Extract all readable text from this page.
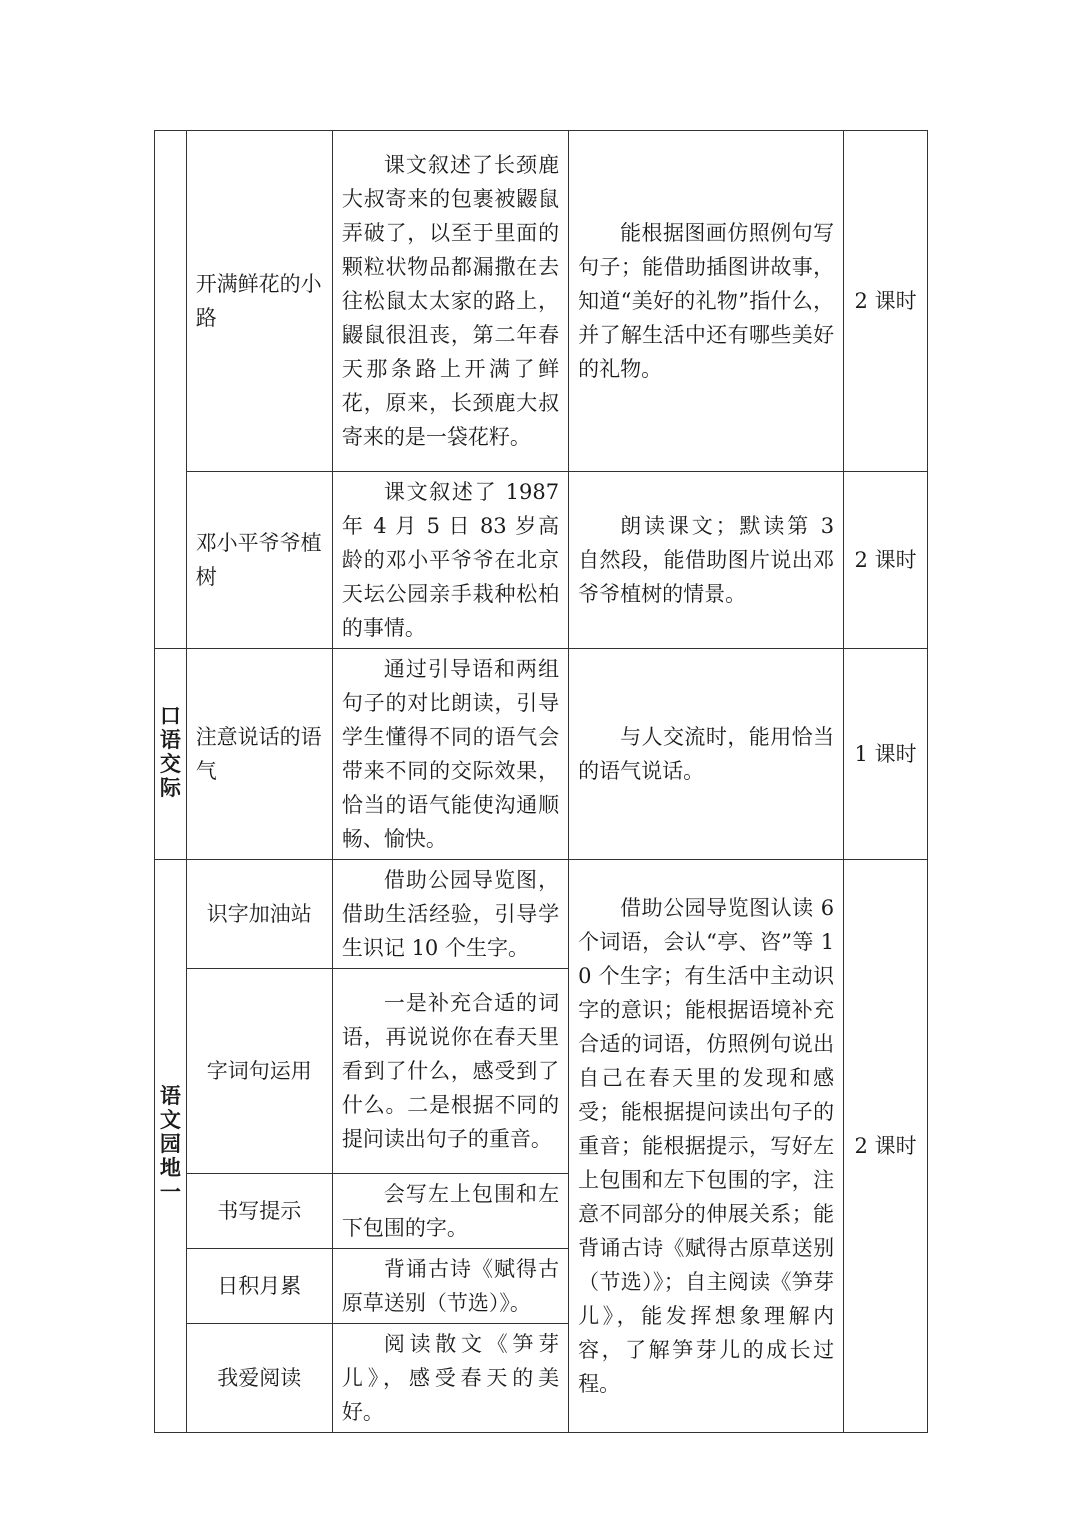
	开满鲜花的小路	课文叙述了长颈鹿大叔寄来的包裹被鼹鼠弄破了，以至于里面的颗粒状物品都漏撒在去往松鼠太太家的路上，鼹鼠很沮丧，第二年春天那条路上开满了鲜花，原来，长颈鹿大叔寄来的是一袋花籽。	能根据图画仿照例句写句子；能借助插图讲故事，知道“美好的礼物”指什么，并了解生活中还有哪些美好的礼物。	2 课时
	邓小平爷爷植树	课文叙述了 1987 年 4 月 5 日 83 岁高龄的邓小平爷爷在北京天坛公园亲手栽种松柏的事情。	朗读课文；默读第 3 自然段，能借助图片说出邓爷爷植树的情景。	2 课时
口语交际	注意说话的语气	通过引导语和两组句子的对比朗读，引导学生懂得不同的语气会带来不同的交际效果，恰当的语气能使沟通顺畅、愉快。	与人交流时，能用恰当的语气说话。	1 课时
语文园地一	识字加油站	借助公园导览图，借助生活经验，引导学生识记 10 个生字。	借助公园导览图认读 6 个词语，会认“亭、咨”等 10 个生字；有生活中主动识字的意识；能根据语境补充合适的词语，仿照例句说出自己在春天里的发现和感受；能根据提问读出句子的重音；能根据提示，写好左上包围和左下包围的字，注意不同部分的伸展关系；能背诵古诗《赋得古原草送别（节选）》；自主阅读《笋芽儿》，能发挥想象理解内容，了解笋芽儿的成长过程。	2 课时
	字词句运用	一是补充合适的词语，再说说你在春天里看到了什么，感受到了什么。二是根据不同的提问读出句子的重音。		

	书写提示	会写左上包围和左下包围的字。		

	日积月累	背诵古诗《赋得古原草送别（节选）》。		

	我爱阅读	阅读散文《笋芽儿》，感受春天的美好。		
